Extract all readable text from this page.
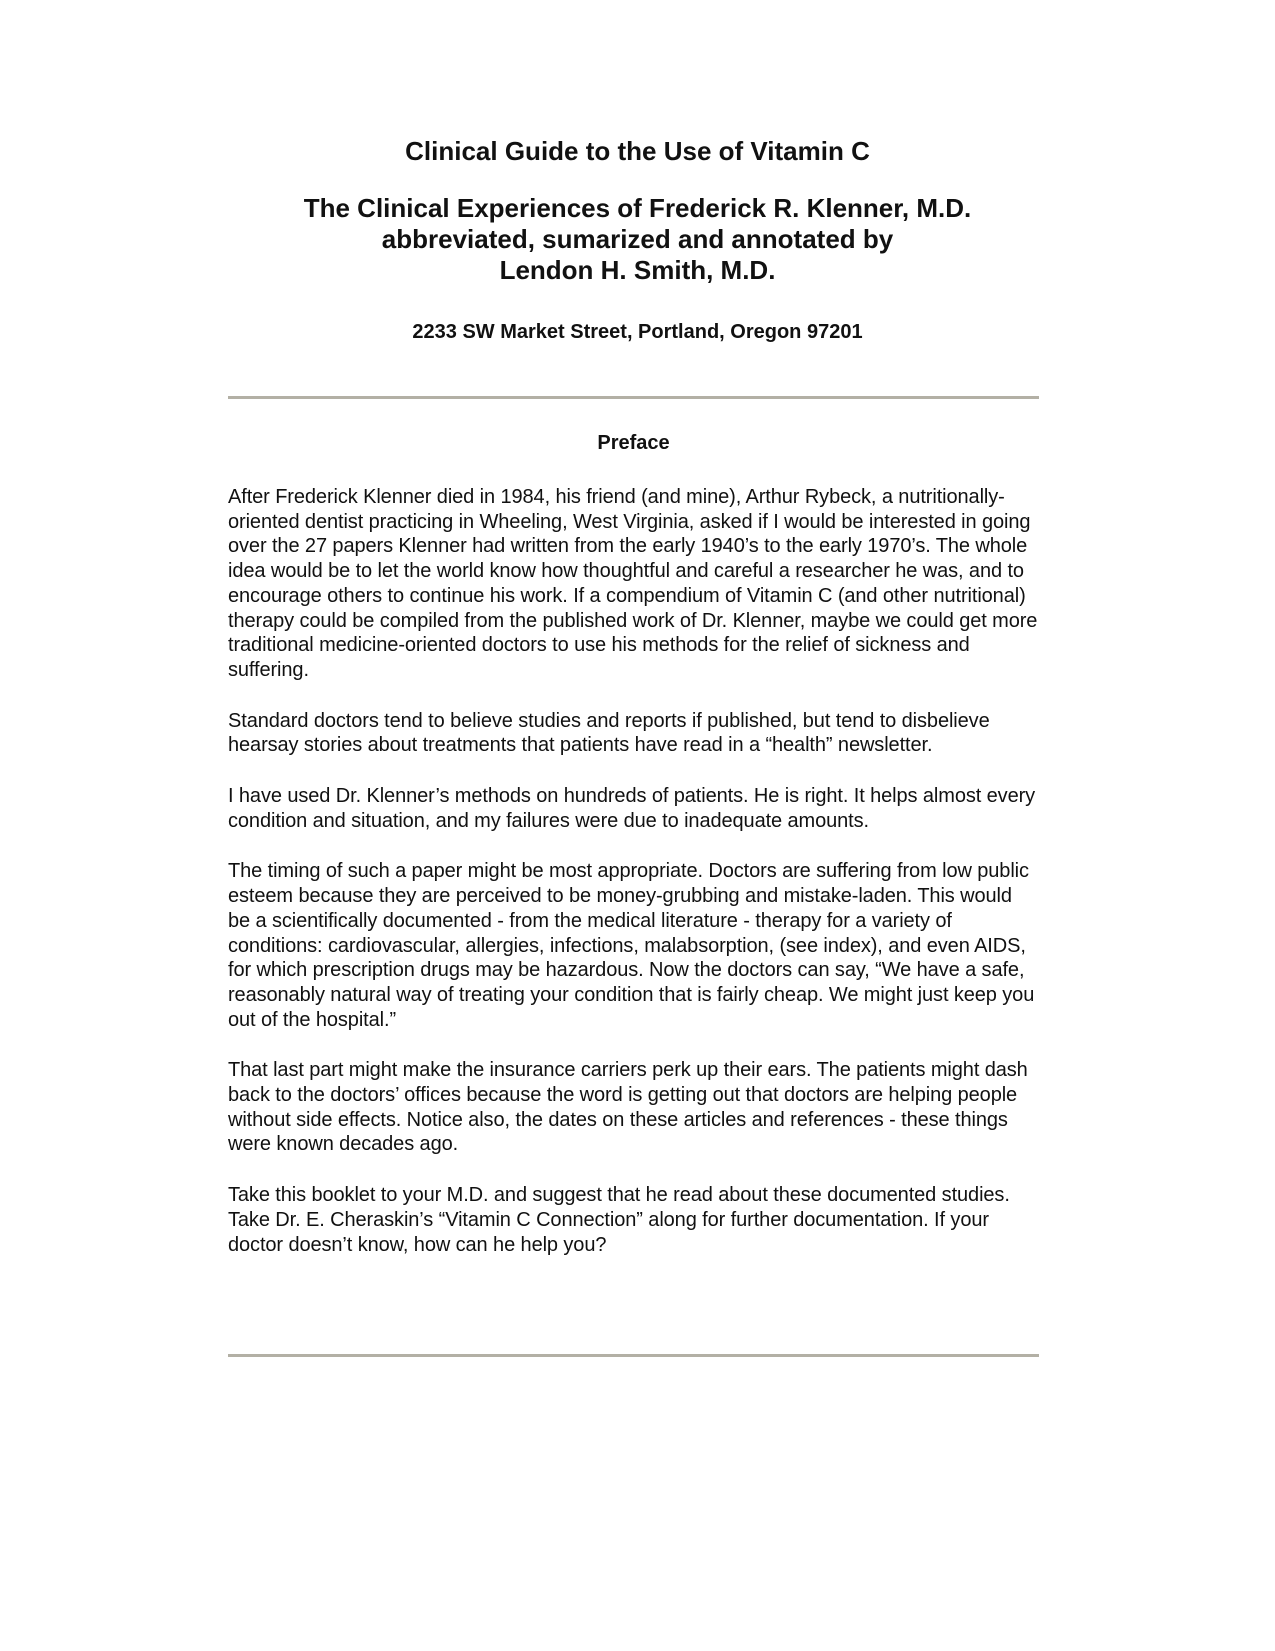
Clinical Guide to the Use of Vitamin C
The Clinical Experiences of Frederick R. Klenner, M.D.
abbreviated, sumarized and annotated by
Lendon H. Smith, M.D.
2233 SW Market Street, Portland, Oregon 97201
Preface

After Frederick Klenner died in 1984, his friend (and mine), Arthur Rybeck, a nutritionally-oriented dentist practicing in Wheeling, West Virginia, asked if I would be interested in going over the 27 papers Klenner had written from the early 1940’s to the early 1970’s. The whole idea would be to let the world know how thoughtful and careful a researcher he was, and to encourage others to continue his work. If a compendium of Vitamin C (and other nutritional) therapy could be compiled from the published work of Dr. Klenner, maybe we could get more traditional medicine-oriented doctors to use his methods for the relief of sickness and suffering.

Standard doctors tend to believe studies and reports if published, but tend to disbelieve hearsay stories about treatments that patients have read in a “health” newsletter.

I have used Dr. Klenner’s methods on hundreds of patients. He is right. It helps almost every condition and situation, and my failures were due to inadequate amounts.

The timing of such a paper might be most appropriate. Doctors are suffering from low public esteem because they are perceived to be money-grubbing and mistake-laden. This would be a scientifically documented - from the medical literature - therapy for a variety of conditions: cardiovascular, allergies, infections, malabsorption, (see index), and even AIDS, for which prescription drugs may be hazardous. Now the doctors can say, “We have a safe, reasonably natural way of treating your condition that is fairly cheap. We might just keep you out of the hospital.”

That last part might make the insurance carriers perk up their ears. The patients might dash back to the doctors’ offices because the word is getting out that doctors are helping people without side effects. Notice also, the dates on these articles and references - these things were known decades ago.

Take this booklet to your M.D. and suggest that he read about these documented studies. Take Dr. E. Cheraskin’s “Vitamin C Connection” along for further documentation. If your doctor doesn’t know, how can he help you?
